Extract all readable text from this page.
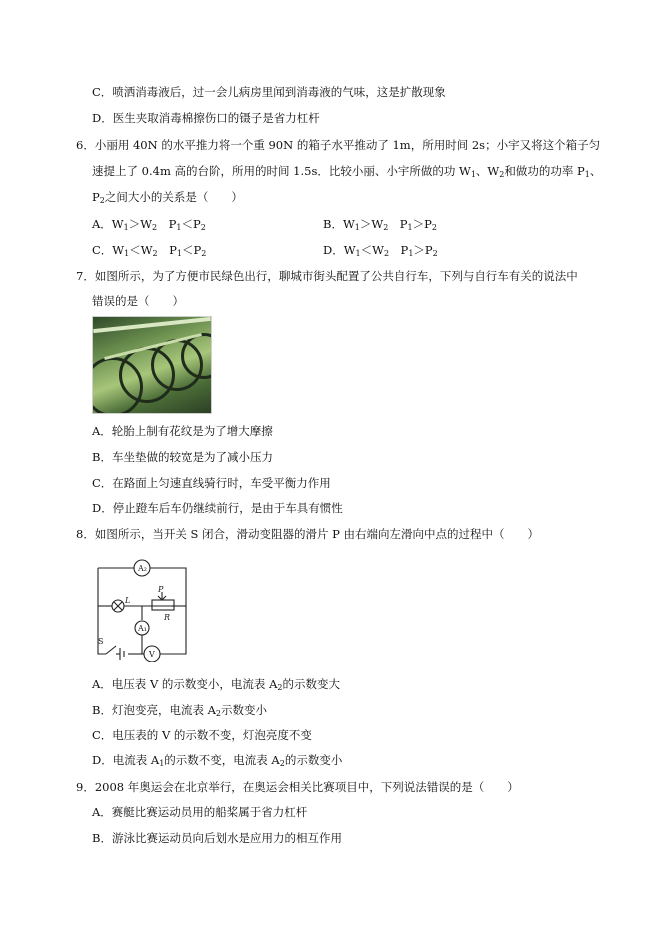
C．喷洒消毒液后，过一会儿病房里闻到消毒液的气味，这是扩散现象
D．医生夹取消毒棉擦伤口的镊子是省力杠杆
6．小丽用 40N 的水平推力将一个重 90N 的箱子水平推动了 1m，所用时间 2s；小宇又将这个箱子匀
速提上了 0.4m 高的台阶，所用的时间 1.5s．比较小丽、小宇所做的功 $W_1$、$W_2$和做功的功率 $P_1$、
$P_2$之间大小的关系是（　　）
A．$W_1>W_2$　$P_1<P_2$	B．$W_1>W_2$　$P_1>P_2$
C．$W_1<W_2$　$P_1<P_2$	D．$W_1<W_2$　$P_1>P_2$
7．如图所示，为了方便市民绿色出行，聊城市街头配置了公共自行车，下列与自行车有关的说法中
错误的是（　　）
A．轮胎上制有花纹是为了增大摩擦
B．车坐垫做的较宽是为了减小压力
C．在路面上匀速直线骑行时，车受平衡力作用
D．停止蹬车后车仍继续前行，是由于车具有惯性
8．如图所示，当开关 S 闭合，滑动变阻器的滑片 P 由右端向左滑向中点的过程中（　　）
A₂
A₁
V
L
P
R
S
A．电压表 V 的示数变小，电流表 $A_2$的示数变大
B．灯泡变亮，电流表 $A_2$示数变小
C．电压表的 V 的示数不变，灯泡亮度不变
D．电流表 $A_1$的示数不变，电流表 $A_2$的示数变小
9．2008 年奥运会在北京举行，在奥运会相关比赛项目中，下列说法错误的是（　　）
A．赛艇比赛运动员用的船桨属于省力杠杆
B．游泳比赛运动员向后划水是应用力的相互作用
